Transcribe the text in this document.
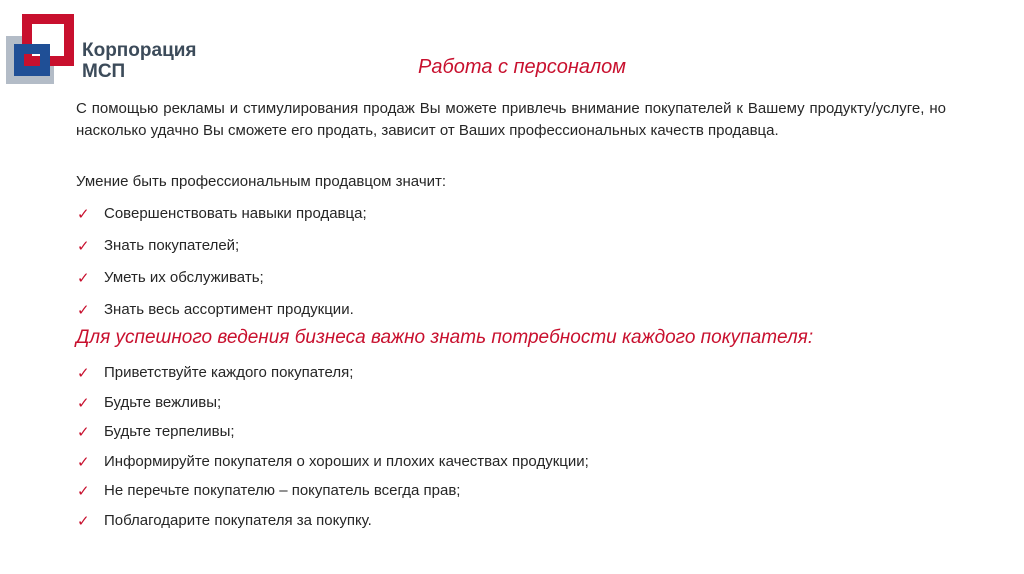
Корпорация
МСП	Работа с персоналом
С помощью рекламы и стимулирования продаж Вы можете привлечь внимание покупателей к Вашему продукту/услуге, но насколько удачно Вы сможете его продать, зависит от Ваших профессиональных качеств продавца.
Умение быть профессиональным продавцом значит:
✓ Совершенствовать навыки продавца;
✓ Знать покупателей;
✓ Уметь их обслуживать;
✓ Знать весь ассортимент продукции.
Для успешного ведения бизнеса важно знать потребности каждого покупателя:
✓ Приветствуйте каждого покупателя;
✓ Будьте вежливы;
✓ Будьте терпеливы;
✓ Информируйте покупателя о хороших и плохих качествах продукции;
✓ Не перечьте покупателю – покупатель всегда прав;
✓ Поблагодарите покупателя за покупку.
